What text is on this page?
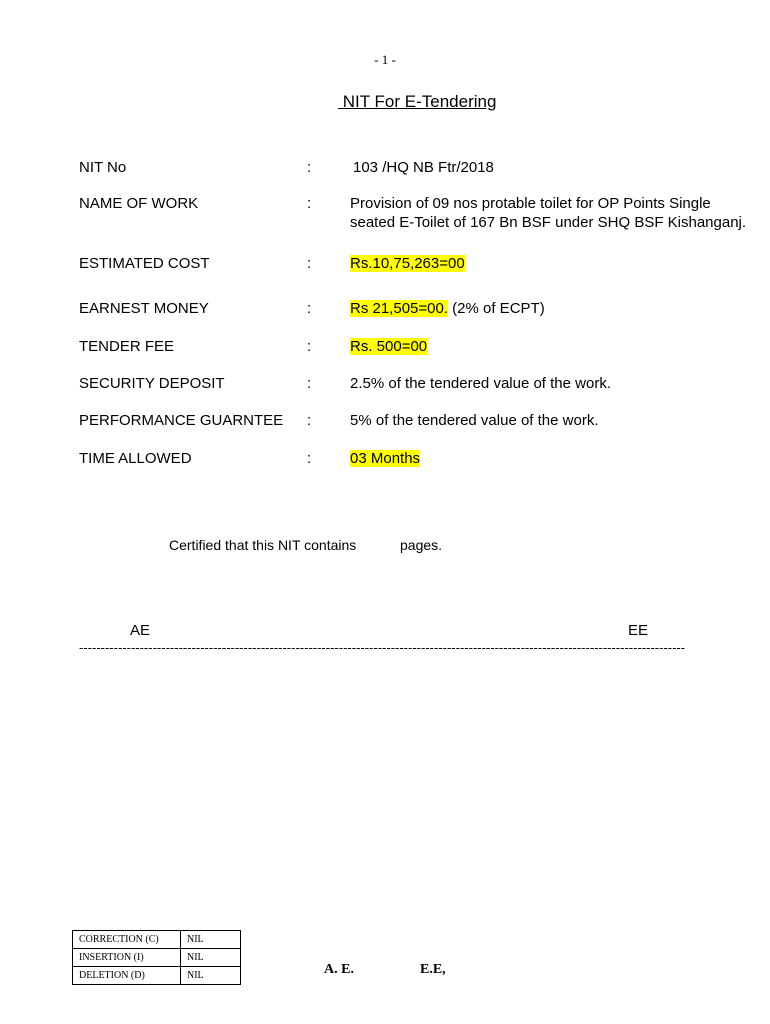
- 1 -
NIT For E-Tendering
NIT No	:	103 /HQ NB Ftr/2018
NAME OF WORK	:	Provision of 09 nos protable toilet for OP Points Single seated E-Toilet of 167 Bn BSF under SHQ BSF Kishanganj.
ESTIMATED COST	:	Rs.10,75,263=00
EARNEST MONEY	:	Rs 21,505=00. (2% of ECPT)
TENDER FEE	:	Rs. 500=00
SECURITY DEPOSIT	:	2.5% of the tendered value of the work.
PERFORMANCE GUARNTEE :	5% of the tendered value of the work.
TIME ALLOWED	:	03 Months
Certified that this NIT contains	pages.
AE	EE
--------------------------------------------------------------------------------------------------------------------------------------------
CORRECTION (C)	NIL
INSERTION (I)	NIL
DELETION (D)	NIL	A. E.	E.E,
